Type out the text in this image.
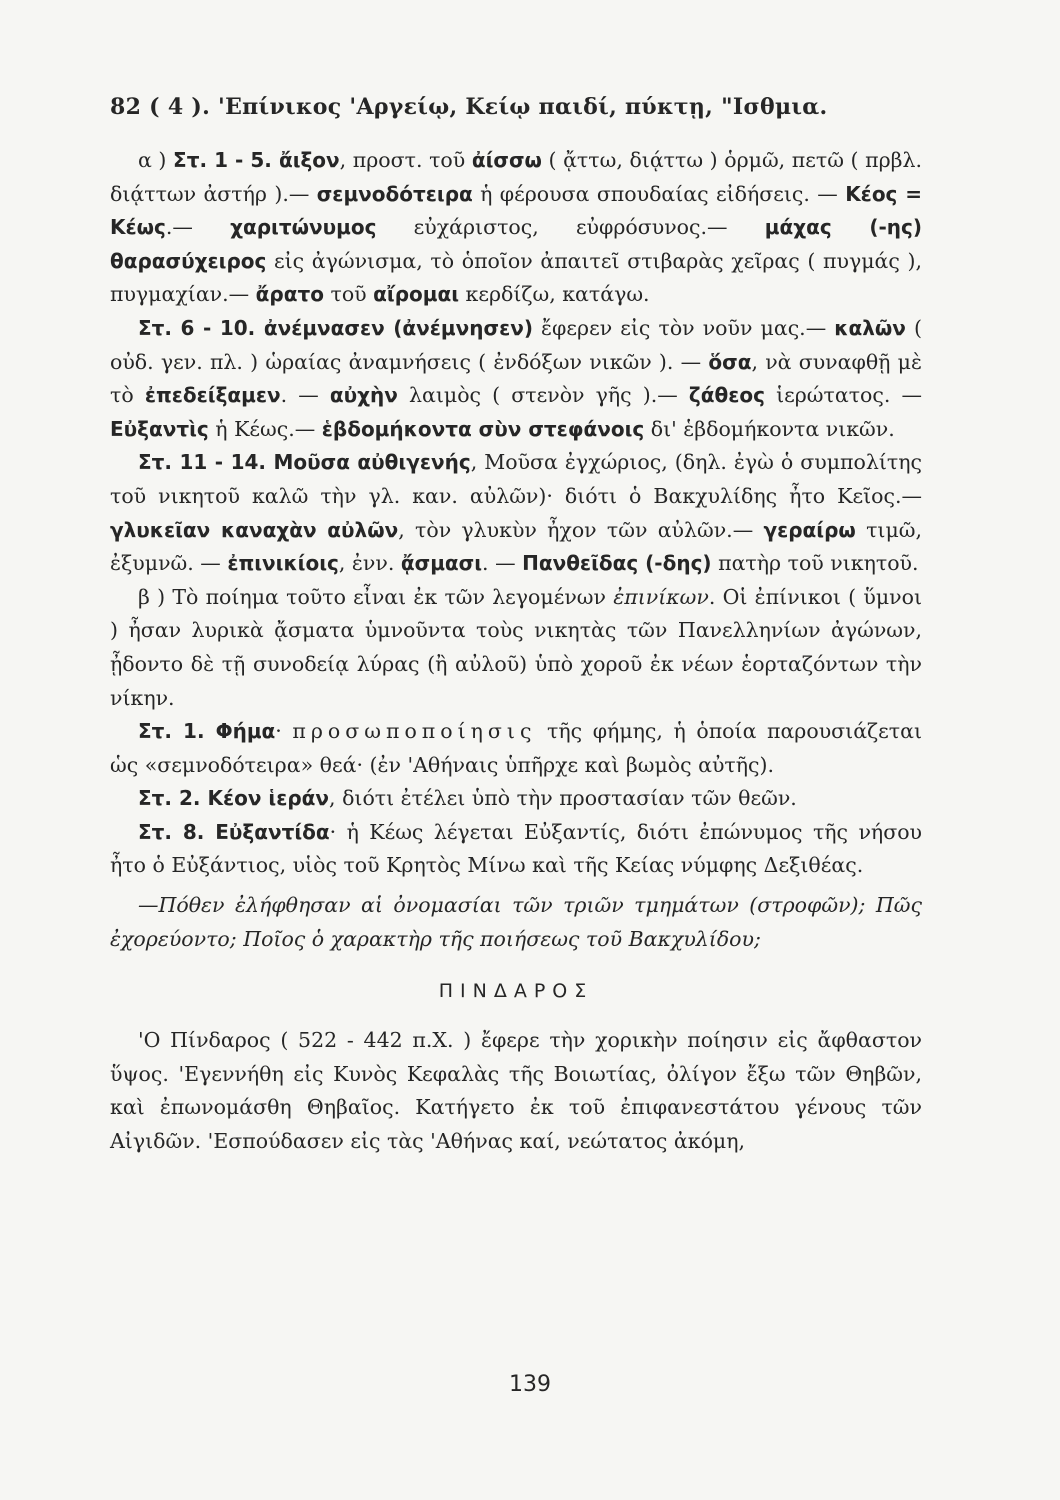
82 ( 4 ). 'Επίνικος 'Αργείῳ, Κείῳ παιδί, πύκτῃ, "Ισθμια.

α ) Στ. 1 - 5. ἄιξον, προστ. τοῦ ἀίσσω ( ᾄττω, διᾴττω ) ὁρμῶ, πετῶ ( πρβλ. διᾴττων ἀστήρ ).— σεμνοδότειρα ἡ φέρουσα σπουδαίας εἰδήσεις. — Κέος = Κέως.— χαριτώνυμος εὐχάριστος, εὐφρόσυνος.— μάχας (-ης) θαρασύχειρος εἰς ἀγώνισμα, τὸ ὁποῖον ἀπαιτεῖ στιβαρὰς χεῖρας ( πυγμάς ), πυγμαχίαν.— ἄρατο τοῦ αἴρομαι κερδίζω, κατάγω.

Στ. 6 - 10. ἀνέμνασεν (ἀνέμνησεν) ἔφερεν εἰς τὸν νοῦν μας.— καλῶν ( οὐδ. γεν. πλ. ) ὡραίας ἀναμνήσεις ( ἐνδόξων νικῶν ). — ὅσα, νὰ συναφθῇ μὲ τὸ ἐπεδείξαμεν. — αὐχὴν λαιμὸς ( στενὸν γῆς ).— ζάθεος ἱερώτατος. — Εὐξαντὶς ἡ Κέως.— ἑβδομήκοντα σὺν στεφάνοις δι' ἑβδομήκοντα νικῶν.

Στ. 11 - 14. Μοῦσα αὐθιγενής, Μοῦσα ἐγχώριος, (δηλ. ἐγὼ ὁ συμπολίτης τοῦ νικητοῦ καλῶ τὴν γλ. καν. αὐλῶν)· διότι ὁ Βακχυλίδης ἦτο Κεῖος.— γλυκεῖαν καναχὰν αὐλῶν, τὸν γλυκὺν ἦχον τῶν αὐλῶν.— γεραίρω τιμῶ, ἐξυμνῶ. — ἐπινικίοις, ἐνν. ᾄσμασι. — Πανθεῖδας (-δης) πατὴρ τοῦ νικητοῦ.

β ) Τὸ ποίημα τοῦτο εἶναι ἐκ τῶν λεγομένων ἐπινίκων. Οἱ ἐπίνικοι ( ὕμνοι ) ἦσαν λυρικὰ ᾄσματα ὑμνοῦντα τοὺς νικητὰς τῶν Πανελληνίων ἀγώνων, ᾖδοντο δὲ τῇ συνοδείᾳ λύρας (ἢ αὐλοῦ) ὑπὸ χοροῦ ἐκ νέων ἑορταζόντων τὴν νίκην.

Στ. 1. Φήμα· προσωποποίησις τῆς φήμης, ἡ ὁποία παρουσιάζεται ὡς «σεμνοδότειρα» θεά· (ἐν 'Αθήναις ὑπῆρχε καὶ βωμὸς αὐτῆς).

Στ. 2. Κέον ἱεράν, διότι ἐτέλει ὑπὸ τὴν προστασίαν τῶν θεῶν.

Στ. 8. Εὐξαντίδα· ἡ Κέως λέγεται Εὐξαντίς, διότι ἐπώνυμος τῆς νήσου ἦτο ὁ Εὐξάντιος, υἱὸς τοῦ Κρητὸς Μίνω καὶ τῆς Κείας νύμφης Δεξιθέας.

—Πόθεν ἐλήφθησαν αἱ ὀνομασίαι τῶν τριῶν τμημάτων (στροφῶν); Πῶς ἐχορεύοντο; Ποῖος ὁ χαρακτὴρ τῆς ποιήσεως τοῦ Βακχυλίδου;

ΠΙΝΔΑΡΟΣ

'Ο Πίνδαρος ( 522 - 442 π.Χ. ) ἔφερε τὴν χορικὴν ποίησιν εἰς ἄφθαστον ὕψος. 'Εγεννήθη εἰς Κυνὸς Κεφαλὰς τῆς Βοιωτίας, ὀλίγον ἔξω τῶν Θηβῶν, καὶ ἐπωνομάσθη Θηβαῖος. Κατήγετο ἐκ τοῦ ἐπιφανεστάτου γένους τῶν Αἰγιδῶν. 'Εσπούδασεν εἰς τὰς 'Αθήνας καί, νεώτατος ἀκόμη,

139
